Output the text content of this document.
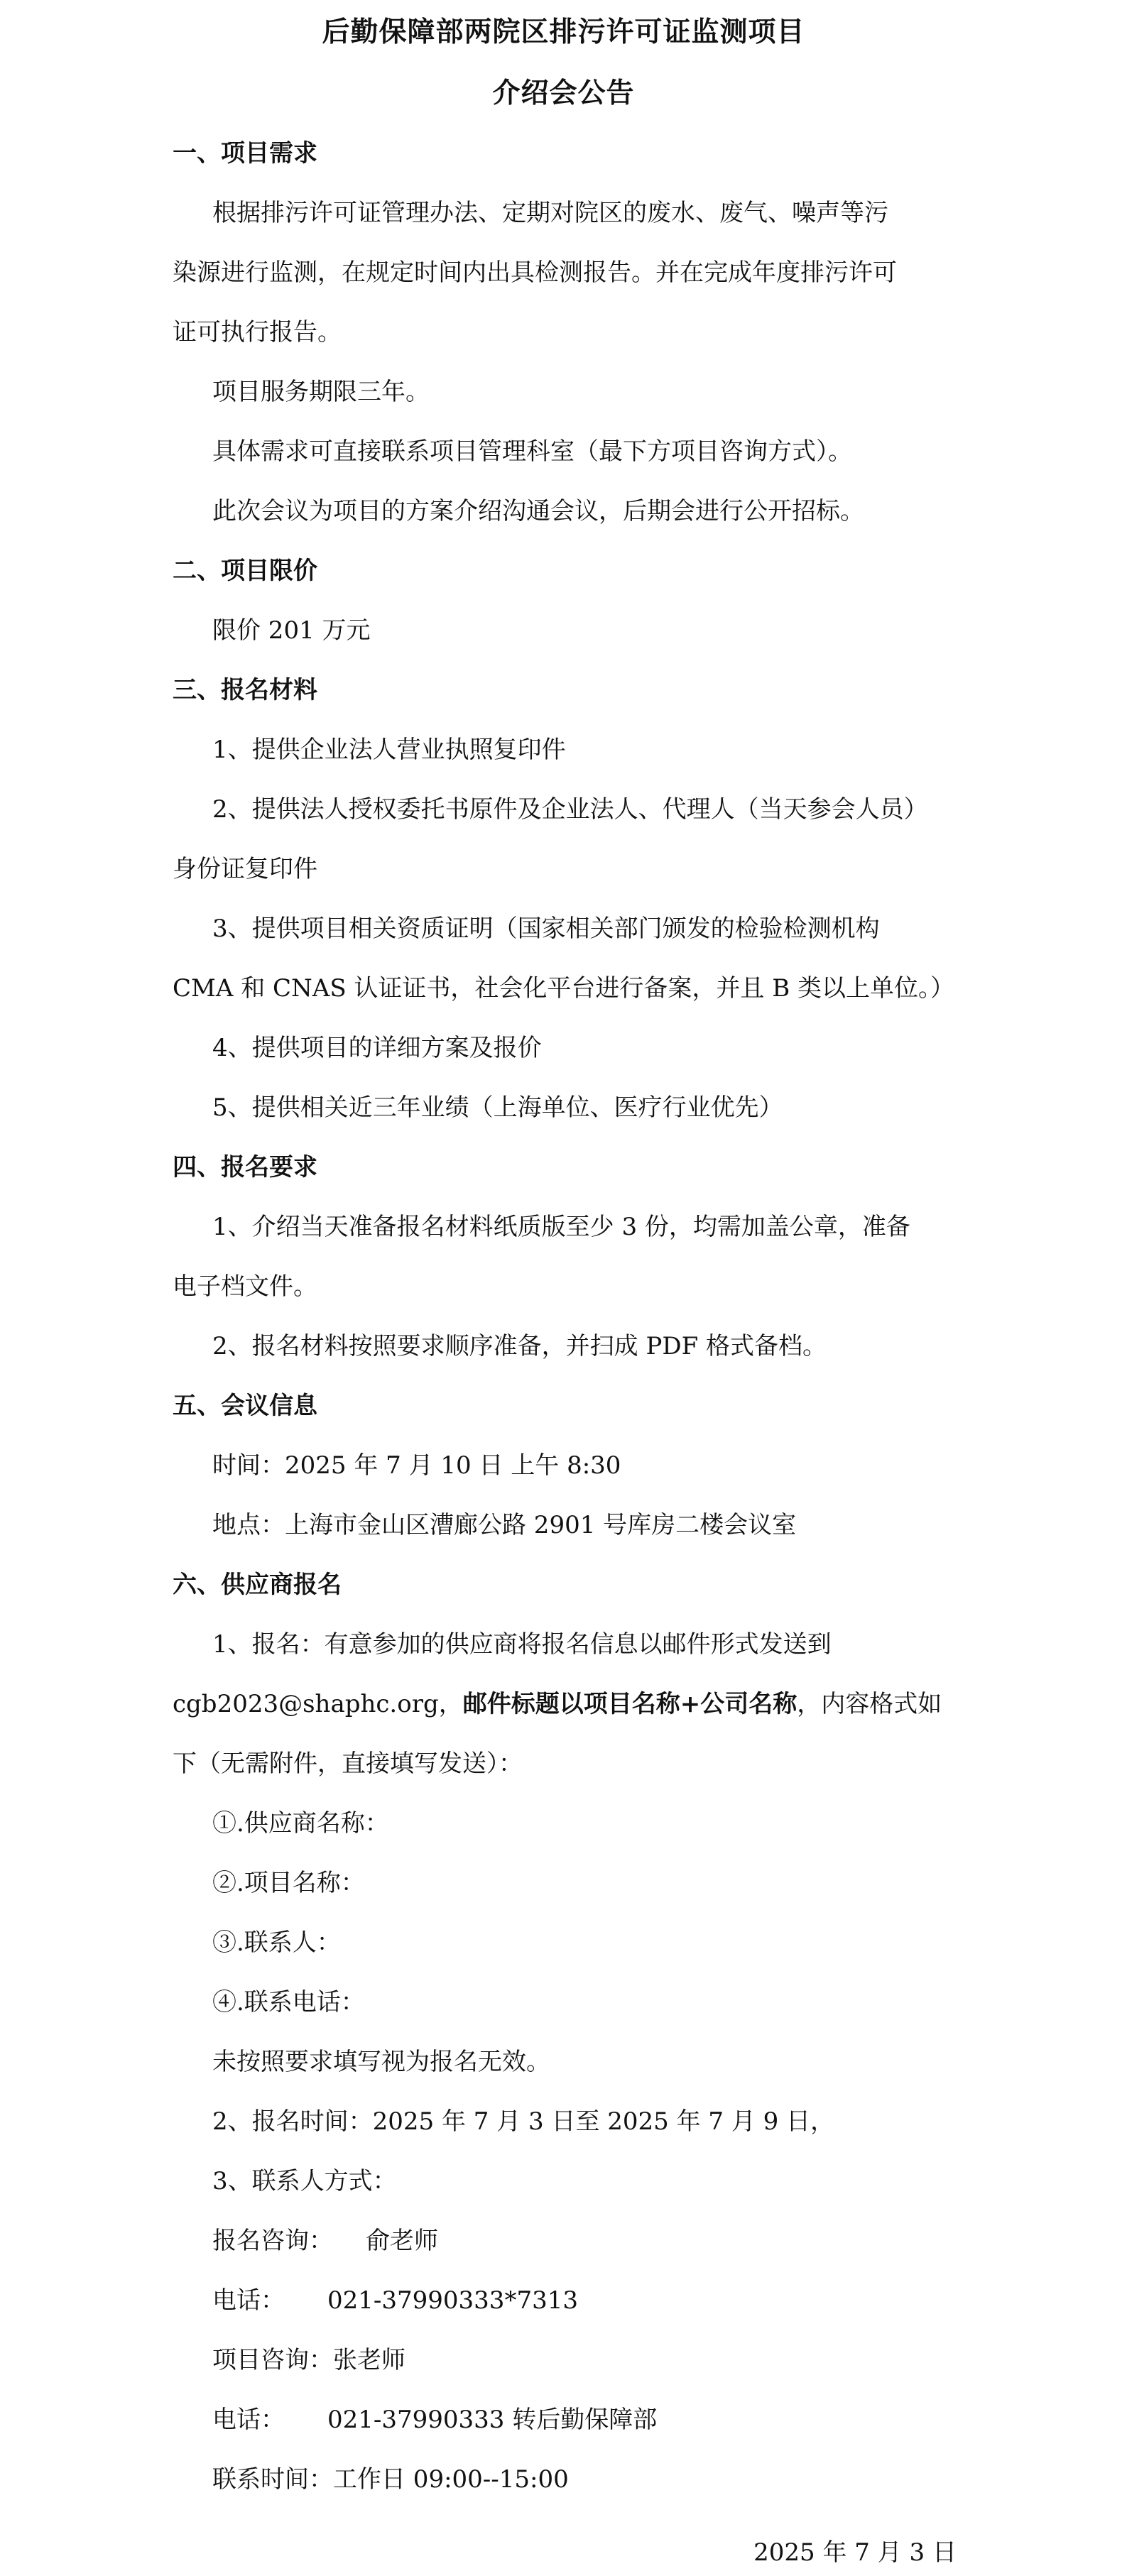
后勤保障部两院区排污许可证监测项目
介绍会公告
一、项目需求
根据排污许可证管理办法、定期对院区的废水、废气、噪声等污
染源进行监测，在规定时间内出具检测报告。并在完成年度排污许可
证可执行报告。
项目服务期限三年。
具体需求可直接联系项目管理科室（最下方项目咨询方式）。
此次会议为项目的方案介绍沟通会议，后期会进行公开招标。
二、项目限价
限价 201 万元
三、报名材料
1、提供企业法人营业执照复印件
2、提供法人授权委托书原件及企业法人、代理人（当天参会人员）
身份证复印件
3、提供项目相关资质证明（国家相关部门颁发的检验检测机构
CMA 和 CNAS 认证证书，社会化平台进行备案，并且 B 类以上单位。）
4、提供项目的详细方案及报价
5、提供相关近三年业绩（上海单位、医疗行业优先）
四、报名要求
1、介绍当天准备报名材料纸质版至少 3 份，均需加盖公章，准备
电子档文件。
2、报名材料按照要求顺序准备，并扫成 PDF 格式备档。
五、会议信息
时间：2025 年 7 月 10 日 上午 8:30
地点：上海市金山区漕廊公路 2901 号库房二楼会议室
六、供应商报名
1、报名：有意参加的供应商将报名信息以邮件形式发送到
cgb2023@shaphc.org，邮件标题以项目名称+公司名称，内容格式如
下（无需附件，直接填写发送）：
①.供应商名称：
②.项目名称：
③.联系人：
④.联系电话：
未按照要求填写视为报名无效。
2、报名时间：2025 年 7 月 3 日至 2025 年 7 月 9 日，
3、联系人方式：
报名咨询： 俞老师
电话： 021-37990333*7313
项目咨询：张老师
电话： 021-37990333 转后勤保障部
联系时间：工作日 09:00--15:00
2025 年 7 月 3 日
